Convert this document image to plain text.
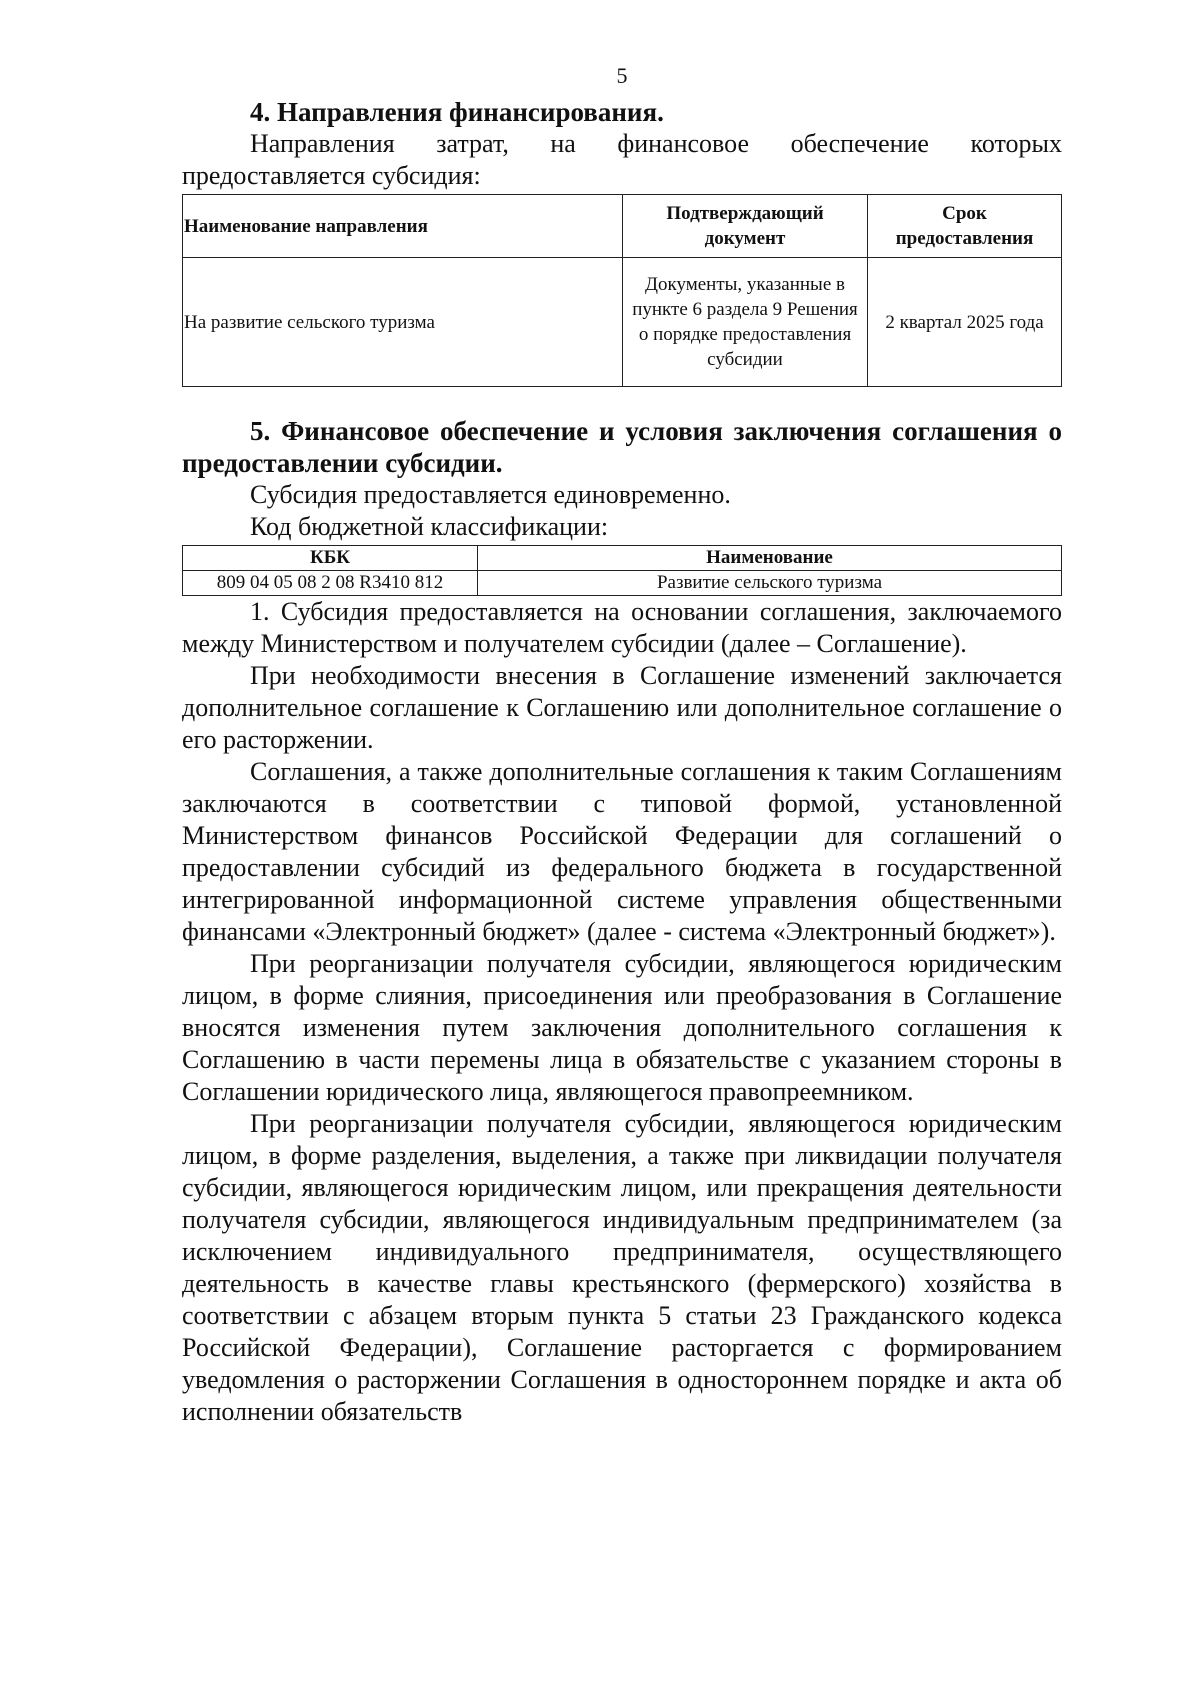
5
4. Направления финансирования.

Направления затрат, на финансовое обеспечение которых предоставляется субсидия:

Наименование направления	Подтверждающий документ	Срок предоставления
На развитие сельского туризма	Документы, указанные в пункте 6 раздела 9 Решения о порядке предоставления субсидии	2 квартал 2025 года
5. Финансовое обеспечение и условия заключения соглашения о предоставлении субсидии.

Субсидия предоставляется единовременно.

Код бюджетной классификации:

КБК	Наименование
809 04 05 08 2 08 R3410 812	Развитие сельского туризма

1. Субсидия предоставляется на основании соглашения, заключаемого между Министерством и получателем субсидии (далее – Соглашение).

При необходимости внесения в Соглашение изменений заключается дополнительное соглашение к Соглашению или дополнительное соглашение о его расторжении.

Соглашения, а также дополнительные соглашения к таким Соглашениям заключаются в соответствии с типовой формой, установленной Министерством финансов Российской Федерации для соглашений о предоставлении субсидий из федерального бюджета в государственной интегрированной информационной системе управления общественными финансами «Электронный бюджет» (далее - система «Электронный бюджет»).

При реорганизации получателя субсидии, являющегося юридическим лицом, в форме слияния, присоединения или преобразования в Соглашение вносятся изменения путем заключения дополнительного соглашения к Соглашению в части перемены лица в обязательстве с указанием стороны в Соглашении юридического лица, являющегося правопреемником.

При реорганизации получателя субсидии, являющегося юридическим лицом, в форме разделения, выделения, а также при ликвидации получателя субсидии, являющегося юридическим лицом, или прекращения деятельности получателя субсидии, являющегося индивидуальным предпринимателем (за исключением индивидуального предпринимателя, осуществляющего деятельность в качестве главы крестьянского (фермерского) хозяйства в соответствии с абзацем вторым пункта 5 статьи 23 Гражданского кодекса Российской Федерации), Соглашение расторгается с формированием уведомления о расторжении Соглашения в одностороннем порядке и акта об исполнении обязательств
